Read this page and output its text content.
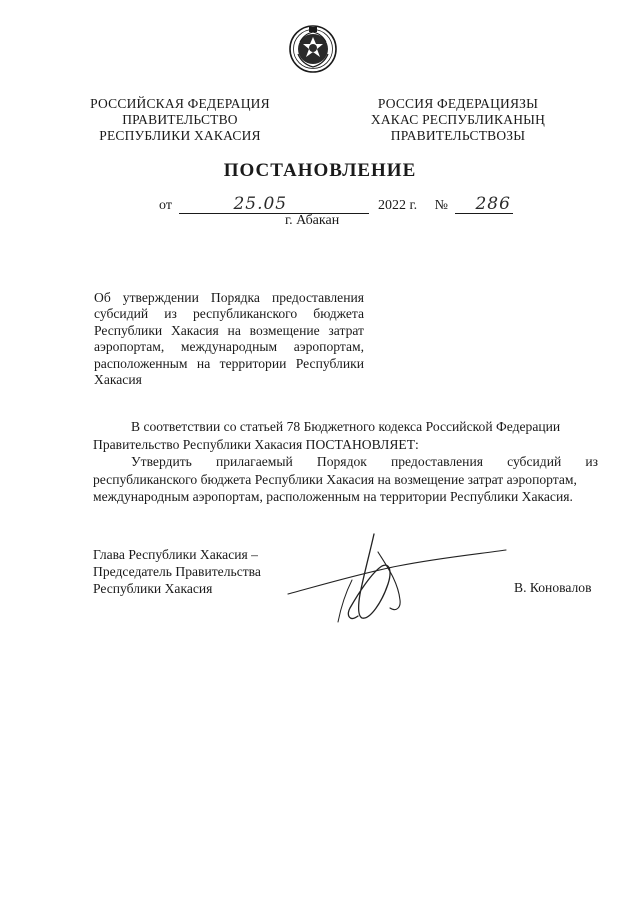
РОССИЙСКАЯ ФЕДЕРАЦИЯ
ПРАВИТЕЛЬСТВО
РЕСПУБЛИКИ ХАКАСИЯ
РОССИЯ ФЕДЕРАЦИЯЗЫ
ХАКАС РЕСПУБЛИКАНЫҢ
ПРАВИТЕЛЬСТВОЗЫ
ПОСТАНОВЛЕНИЕ
от	25.05	2022 г. № 286
г. Абакан
Об утверждении Порядка предоставления
субсидий из республиканского бюджета
Республики Хакасия на возмещение затрат
аэропортам, международным аэропортам,
расположенным на территории Республики
Хакасия
В соответствии со статьей 78 Бюджетного кодекса Российской Федерации
Правительство Республики Хакасия ПОСТАНОВЛЯЕТ:
Утвердить прилагаемый Порядок предоставления субсидий из
республиканского бюджета Республики Хакасия на возмещение затрат аэропортам,
международным аэропортам, расположенным на территории Республики Хакасия.
Глава Республики Хакасия –
Председатель Правительства
Республики Хакасия	В. Коновалов
